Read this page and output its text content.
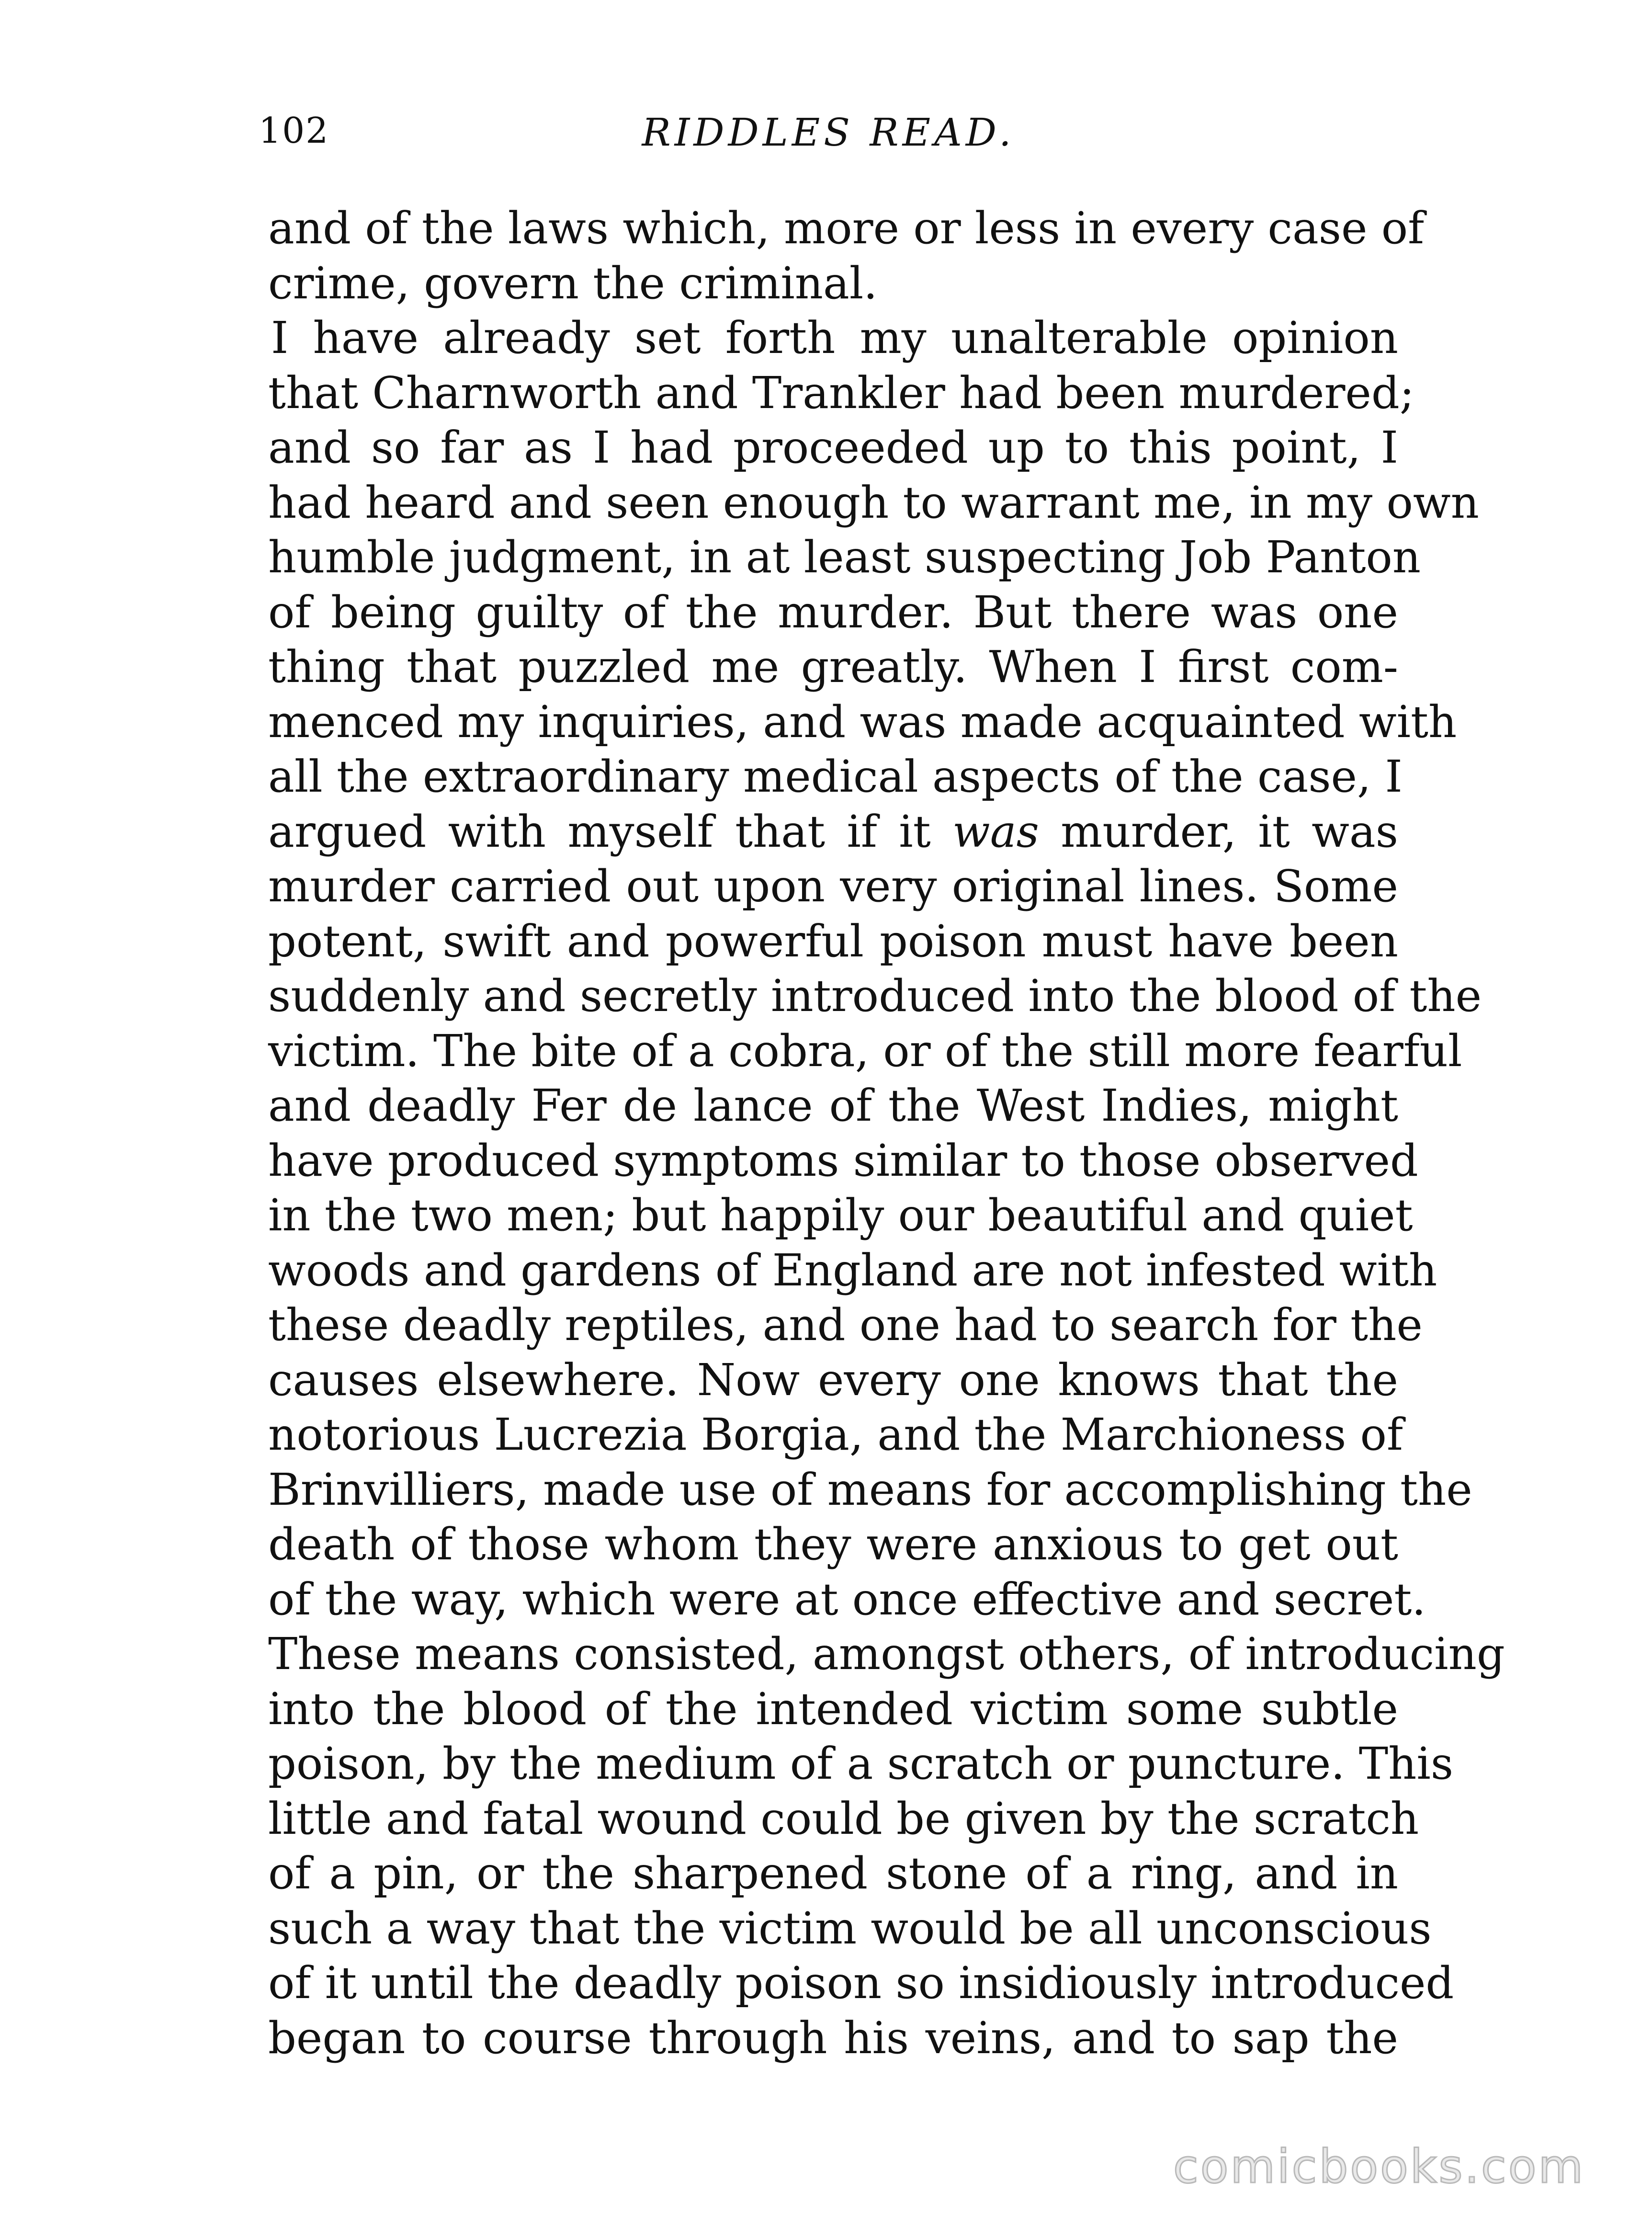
102	RIDDLES READ.
and of the laws which, more or less in every case of
crime, govern the criminal.
I have already set forth my unalterable opinion
that Charnworth and Trankler had been murdered;
and so far as I had proceeded up to this point, I
had heard and seen enough to warrant me, in my own
humble judgment, in at least suspecting Job Panton
of being guilty of the murder. But there was one
thing that puzzled me greatly. When I first com-
menced my inquiries, and was made acquainted with
all the extraordinary medical aspects of the case, I
argued with myself that if it was murder, it was
murder carried out upon very original lines. Some
potent, swift and powerful poison must have been
suddenly and secretly introduced into the blood of the
victim. The bite of a cobra, or of the still more fearful
and deadly Fer de lance of the West Indies, might
have produced symptoms similar to those observed
in the two men; but happily our beautiful and quiet
woods and gardens of England are not infested with
these deadly reptiles, and one had to search for the
causes elsewhere. Now every one knows that the
notorious Lucrezia Borgia, and the Marchioness of
Brinvilliers, made use of means for accomplishing the
death of those whom they were anxious to get out
of the way, which were at once effective and secret.
These means consisted, amongst others, of introducing
into the blood of the intended victim some subtle
poison, by the medium of a scratch or puncture. This
little and fatal wound could be given by the scratch
of a pin, or the sharpened stone of a ring, and in
such a way that the victim would be all unconscious
of it until the deadly poison so insidiously introduced
began to course through his veins, and to sap the
comicbooks.com
